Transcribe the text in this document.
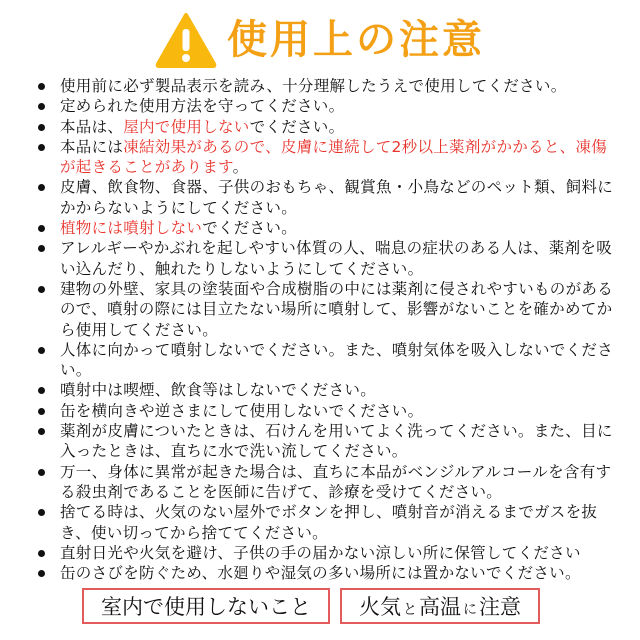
使用上の注意
使用前に必ず製品表示を読み、十分理解したうえで使用してください。
定められた使用方法を守ってください。
本品は、屋内で使用しないでください。
本品には凍結効果があるので、皮膚に連続して2秒以上薬剤がかかると、凍傷が起きることがあります。
皮膚、飲食物、食器、子供のおもちゃ、観賞魚・小鳥などのペット類、飼料にかからないようにしてください。
植物には噴射しないでください。
アレルギーやかぶれを起しやすい体質の人、喘息の症状のある人は、薬剤を吸い込んだり、触れたりしないようにしてください。
建物の外壁、家具の塗装面や合成樹脂の中には薬剤に侵されやすいものがあるので、噴射の際には目立たない場所に噴射して、影響がないことを確かめてから使用してください。
人体に向かって噴射しないでください。また、噴射気体を吸入しないでください。
噴射中は喫煙、飲食等はしないでください。
缶を横向きや逆さまにして使用しないでください。
薬剤が皮膚についたときは、石けんを用いてよく洗ってください。また、目に入ったときは、直ちに水で洗い流してください。
万一、身体に異常が起きた場合は、直ちに本品がベンジルアルコールを含有する殺虫剤であることを医師に告げて、診療を受けてください。
捨てる時は、火気のない屋外でボタンを押し、噴射音が消えるまでガスを抜き、使い切ってから捨ててください。
直射日光や火気を避け、子供の手の届かない涼しい所に保管してください
缶のさびを防ぐため、水廻りや湿気の多い場所には置かないでください。
室内で使用しないこと 火気 と 高温 に 注意
